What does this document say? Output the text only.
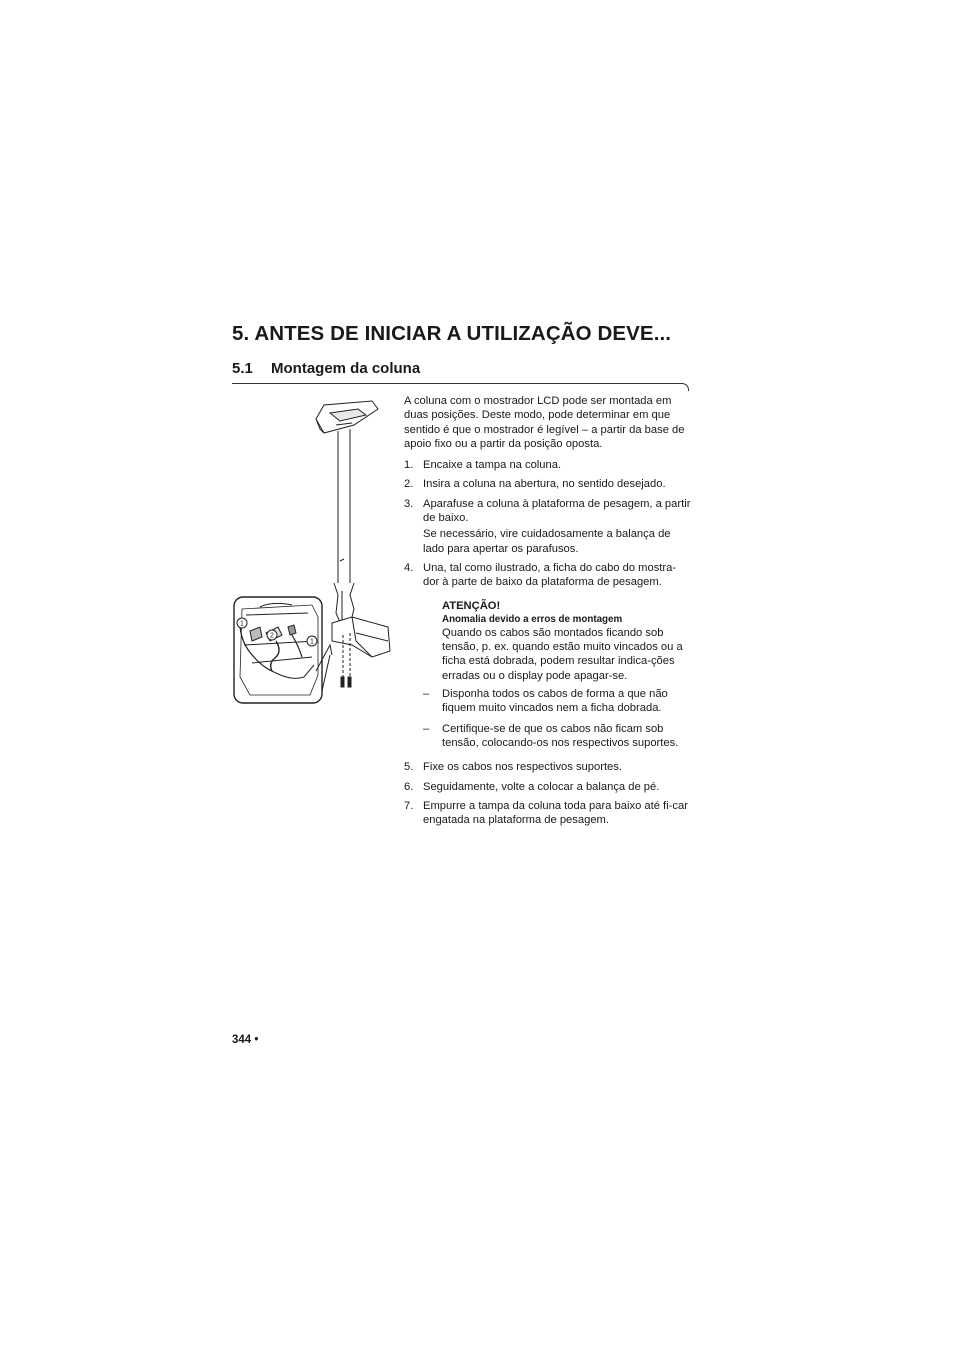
5. ANTES DE INICIAR A UTILIZAÇÃO DEVE...
5.1 Montagem da coluna
1
2
1

A coluna com o mostrador LCD pode ser montada em duas posições. Deste modo, pode determinar em que sentido é que o mostrador é legível – a partir da base de apoio fixo ou a partir da posição oposta.

1. Encaixe a tampa na coluna.
2. Insira a coluna na abertura, no sentido desejado.
3. Aparafuse a coluna à plataforma de pesagem, a partir de baixo.
Se necessário, vire cuidadosamente a balança de lado para apertar os parafusos.
4. Una, tal como ilustrado, a ficha do cabo do mostra-dor à parte de baixo da plataforma de pesagem.
ATENÇÃO!
Anomalia devido a erros de montagem
Quando os cabos são montados ficando sob tensão, p. ex. quando estão muito vincados ou a ficha está dobrada, podem resultar indica-ções erradas ou o display pode apagar-se.
–	Disponha todos os cabos de forma a que não fiquem muito vincados nem a ficha dobrada.
–	Certifique-se de que os cabos não ficam sob tensão, colocando-os nos respectivos suportes.
5. Fixe os cabos nos respectivos suportes.
6. Seguidamente, volte a colocar a balança de pé.
7. Empurre a tampa da coluna toda para baixo até fi-car engatada na plataforma de pesagem.
344 •
